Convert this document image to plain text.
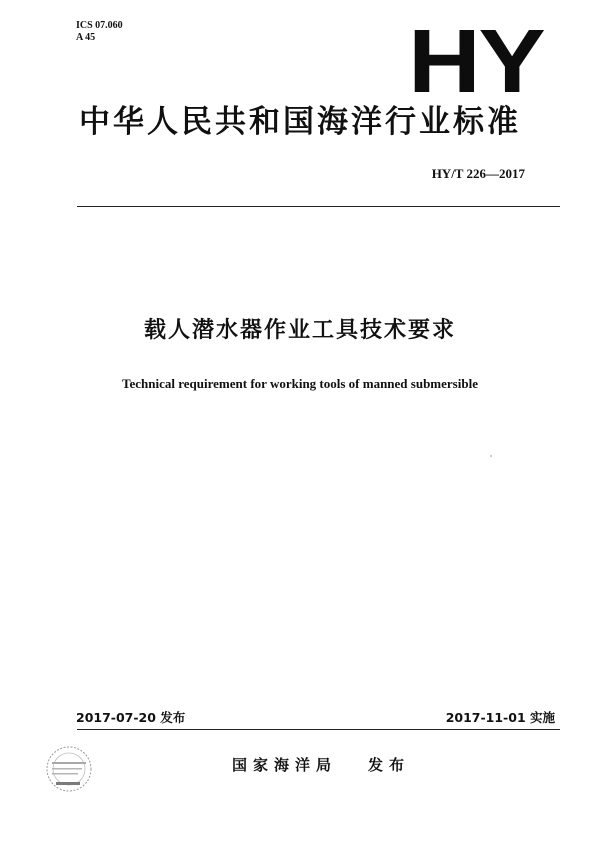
ICS 07.060
A 45	HY
中华人民共和国海洋行业标准
HY/T 226—2017
载人潜水器作业工具技术要求
Technical requirement for working tools of manned submersible
2017-07-20 发布	2017-11-01 实施
国家海洋局 发布
